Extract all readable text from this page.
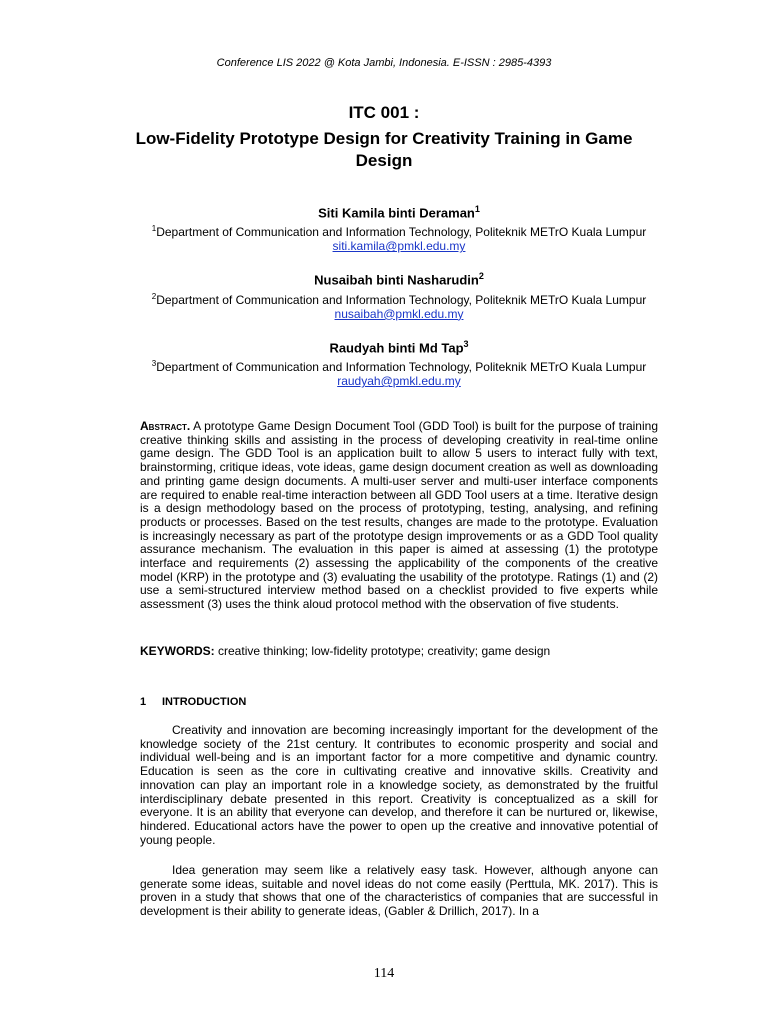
Conference LIS 2022 @ Kota Jambi, Indonesia. E-ISSN : 2985-4393
ITC 001 :
Low-Fidelity Prototype Design for Creativity Training in Game Design
Siti Kamila binti Deraman$^1$
$^1$Department of Communication and Information Technology, Politeknik METrO Kuala Lumpur
siti.kamila@pmkl.edu.my
Nusaibah binti Nasharudin$^2$
$^2$Department of Communication and Information Technology, Politeknik METrO Kuala Lumpur
nusaibah@pmkl.edu.my
Raudyah binti Md Tap$^3$
$^3$Department of Communication and Information Technology, Politeknik METrO Kuala Lumpur
raudyah@pmkl.edu.my
Abstract. A prototype Game Design Document Tool (GDD Tool) is built for the purpose of training creative thinking skills and assisting in the process of developing creativity in real-time online game design. The GDD Tool is an application built to allow 5 users to interact fully with text, brainstorming, critique ideas, vote ideas, game design document creation as well as downloading and printing game design documents. A multi-user server and multi-user interface components are required to enable real-time interaction between all GDD Tool users at a time. Iterative design is a design methodology based on the process of prototyping, testing, analysing, and refining products or processes. Based on the test results, changes are made to the prototype. Evaluation is increasingly necessary as part of the prototype design improvements or as a GDD Tool quality assurance mechanism. The evaluation in this paper is aimed at assessing (1) the prototype interface and requirements (2) assessing the applicability of the components of the creative model (KRP) in the prototype and (3) evaluating the usability of the prototype. Ratings (1) and (2) use a semi-structured interview method based on a checklist provided to five experts while assessment (3) uses the think aloud protocol method with the observation of five students.
KEYWORDS: creative thinking; low-fidelity prototype; creativity; game design
1 INTRODUCTION
Creativity and innovation are becoming increasingly important for the development of the knowledge society of the 21st century. It contributes to economic prosperity and social and individual well-being and is an important factor for a more competitive and dynamic country. Education is seen as the core in cultivating creative and innovative skills. Creativity and innovation can play an important role in a knowledge society, as demonstrated by the fruitful interdisciplinary debate presented in this report. Creativity is conceptualized as a skill for everyone. It is an ability that everyone can develop, and therefore it can be nurtured or, likewise, hindered. Educational actors have the power to open up the creative and innovative potential of young people.
Idea generation may seem like a relatively easy task. However, although anyone can generate some ideas, suitable and novel ideas do not come easily (Perttula, MK. 2017). This is proven in a study that shows that one of the characteristics of companies that are successful in development is their ability to generate ideas, (Gabler & Drillich, 2017). In a
114
